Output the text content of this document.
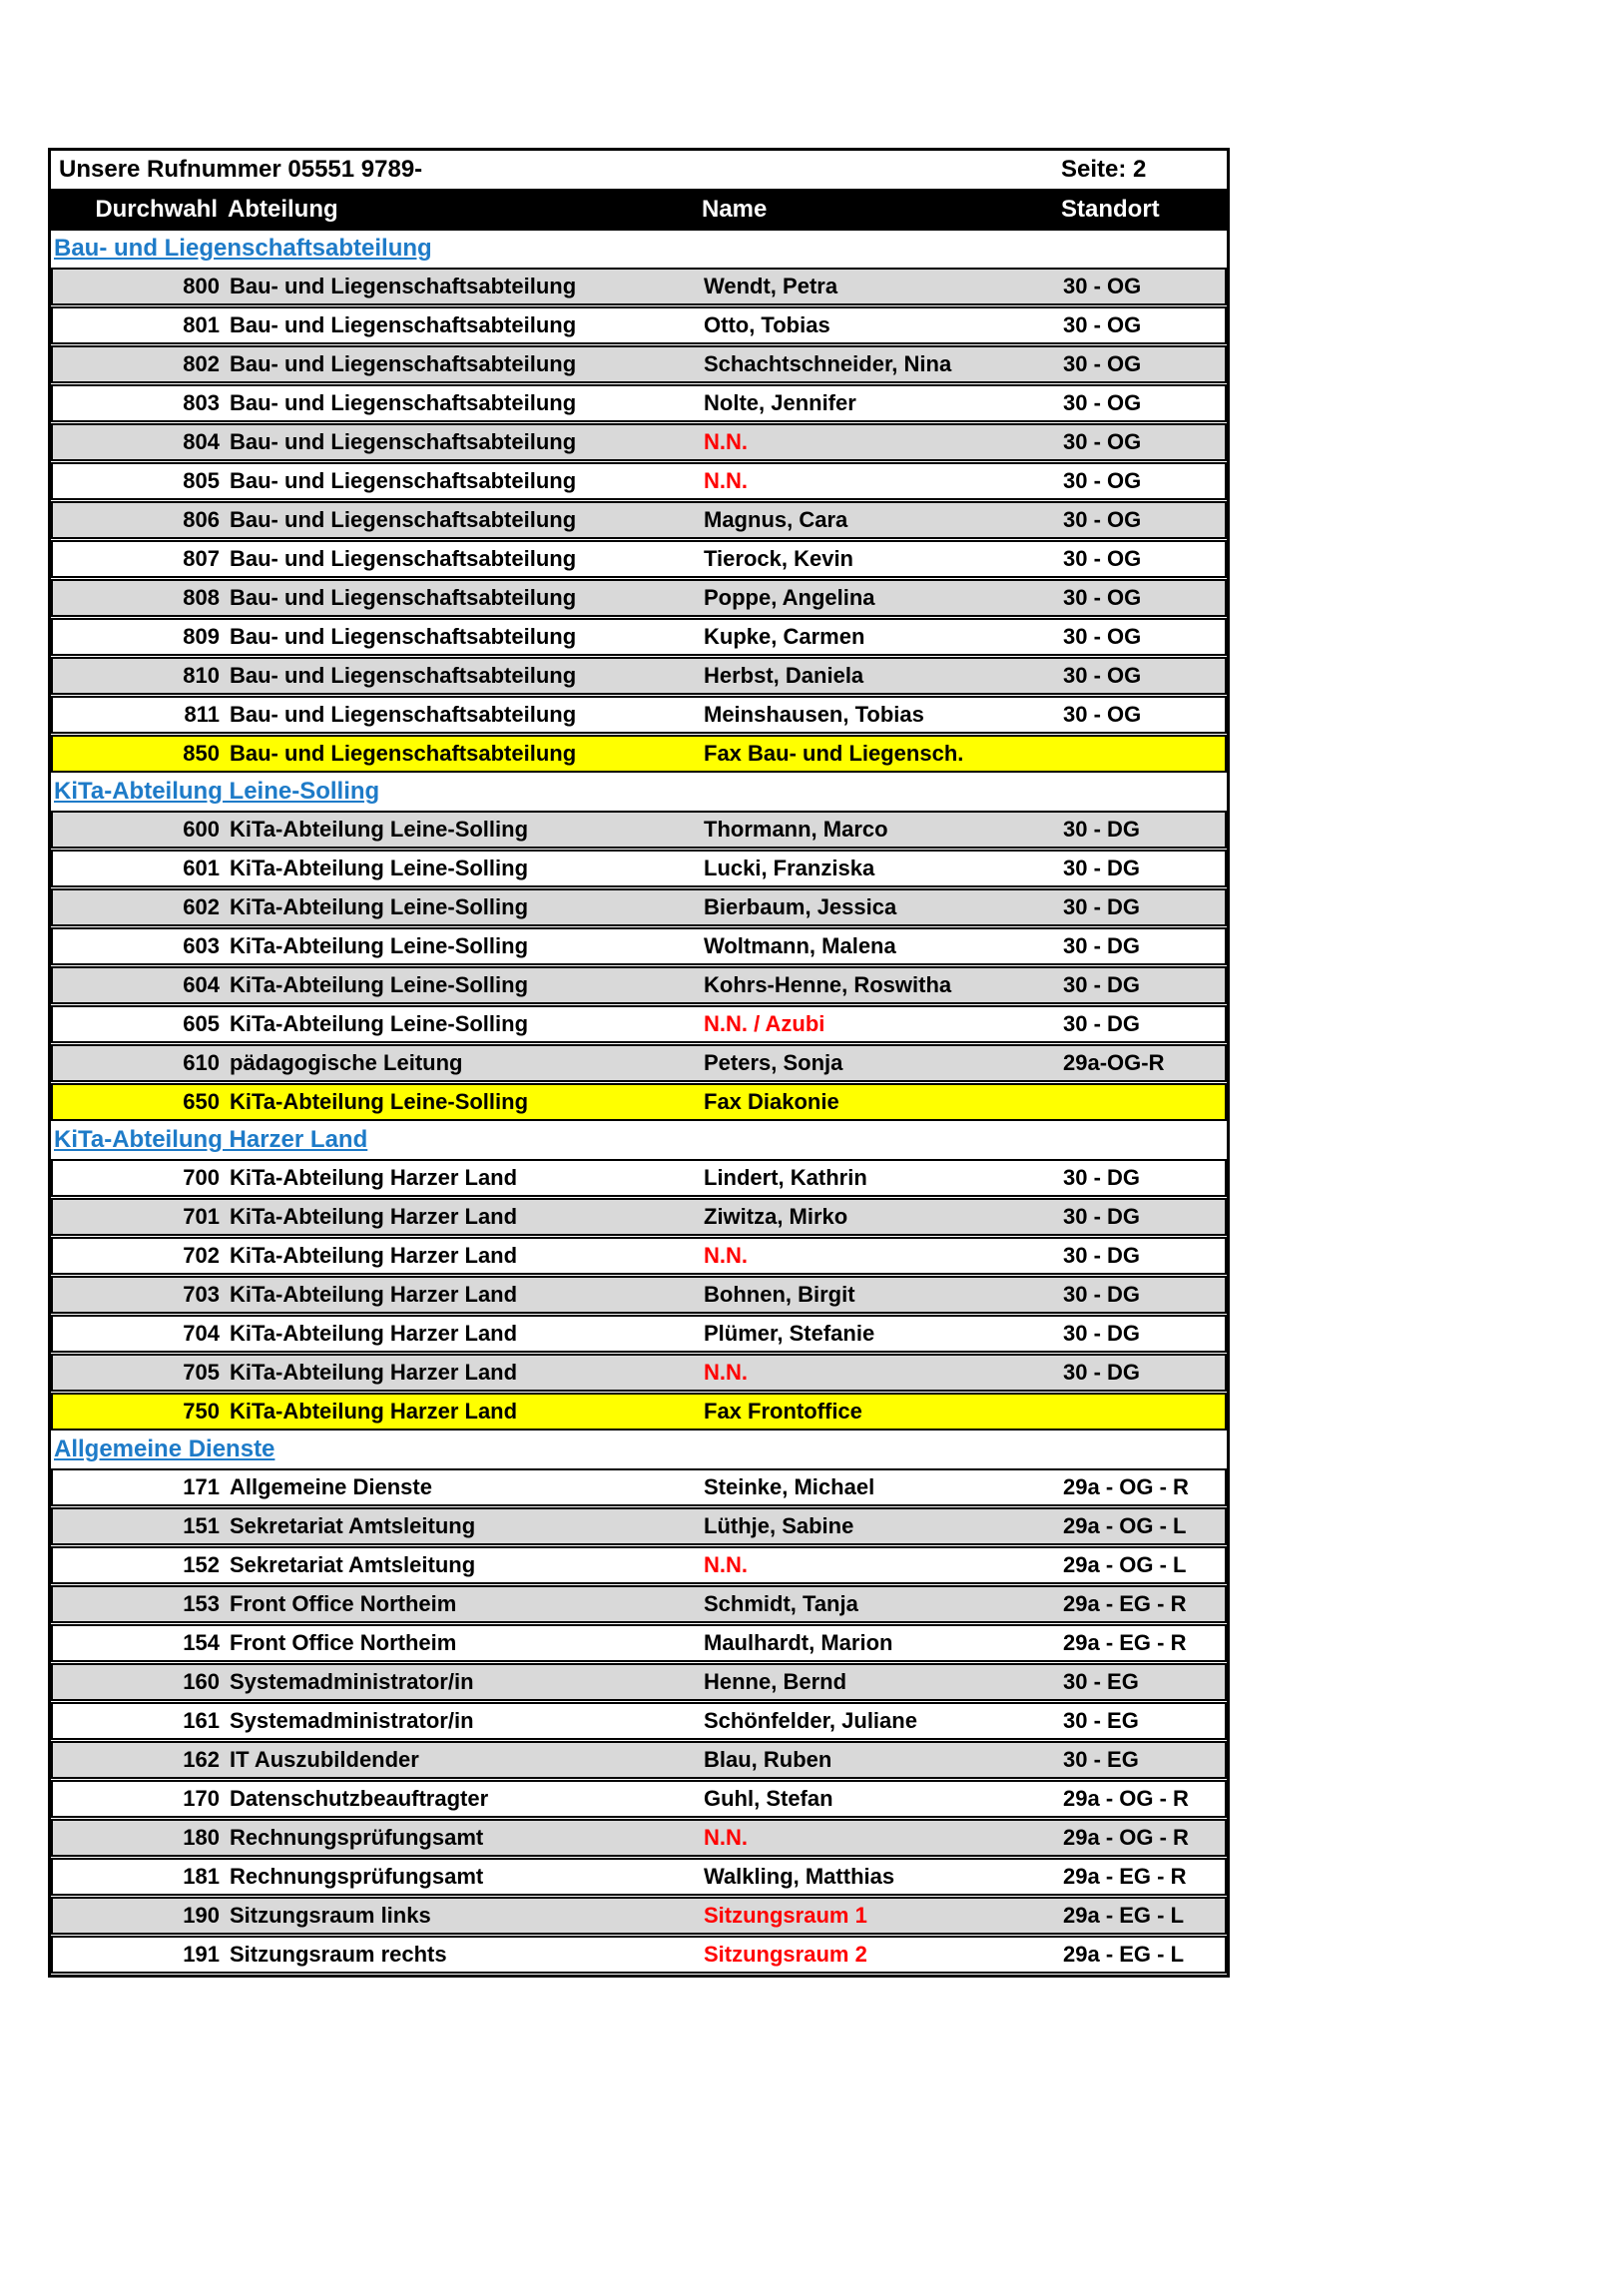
Unsere Rufnummer 05551 9789-	Seite: 2
Durchwahl Abteilung	Name	Standort
Bau- und Liegenschaftsabteilung
800 Bau- und Liegenschaftsabteilung	Wendt, Petra	30 - OG
801 Bau- und Liegenschaftsabteilung	Otto, Tobias	30 - OG
802 Bau- und Liegenschaftsabteilung	Schachtschneider, Nina	30 - OG
803 Bau- und Liegenschaftsabteilung	Nolte, Jennifer	30 - OG
804 Bau- und Liegenschaftsabteilung	N.N.	30 - OG
805 Bau- und Liegenschaftsabteilung	N.N.	30 - OG
806 Bau- und Liegenschaftsabteilung	Magnus, Cara	30 - OG
807 Bau- und Liegenschaftsabteilung	Tierock, Kevin	30 - OG
808 Bau- und Liegenschaftsabteilung	Poppe, Angelina	30 - OG
809 Bau- und Liegenschaftsabteilung	Kupke, Carmen	30 - OG
810 Bau- und Liegenschaftsabteilung	Herbst, Daniela	30 - OG
811 Bau- und Liegenschaftsabteilung	Meinshausen, Tobias	30 - OG
850 Bau- und Liegenschaftsabteilung	Fax Bau- und Liegensch.
KiTa-Abteilung Leine-Solling
600 KiTa-Abteilung Leine-Solling	Thormann, Marco	30 - DG
601 KiTa-Abteilung Leine-Solling	Lucki, Franziska	30 - DG
602 KiTa-Abteilung Leine-Solling	Bierbaum, Jessica	30 - DG
603 KiTa-Abteilung Leine-Solling	Woltmann, Malena	30 - DG
604 KiTa-Abteilung Leine-Solling	Kohrs-Henne, Roswitha	30 - DG
605 KiTa-Abteilung Leine-Solling	N.N. / Azubi	30 - DG
610 pädagogische Leitung	Peters, Sonja	29a-OG-R
650 KiTa-Abteilung Leine-Solling	Fax Diakonie
KiTa-Abteilung Harzer Land
700 KiTa-Abteilung Harzer Land	Lindert, Kathrin	30 - DG
701 KiTa-Abteilung Harzer Land	Ziwitza, Mirko	30 - DG
702 KiTa-Abteilung Harzer Land	N.N.	30 - DG
703 KiTa-Abteilung Harzer Land	Bohnen, Birgit	30 - DG
704 KiTa-Abteilung Harzer Land	Plümer, Stefanie	30 - DG
705 KiTa-Abteilung Harzer Land	N.N.	30 - DG
750 KiTa-Abteilung Harzer Land	Fax Frontoffice
Allgemeine Dienste
171 Allgemeine Dienste	Steinke, Michael	29a - OG - R
151 Sekretariat Amtsleitung	Lüthje, Sabine	29a - OG - L
152 Sekretariat Amtsleitung	N.N.	29a - OG - L
153 Front Office Northeim	Schmidt, Tanja	29a - EG - R
154 Front Office Northeim	Maulhardt, Marion	29a - EG - R
160 Systemadministrator/in	Henne, Bernd	30 - EG
161 Systemadministrator/in	Schönfelder, Juliane	30 - EG
162 IT Auszubildender	Blau, Ruben	30 - EG
170 Datenschutzbeauftragter	Guhl, Stefan	29a - OG - R
180 Rechnungsprüfungsamt	N.N.	29a - OG - R
181 Rechnungsprüfungsamt	Walkling, Matthias	29a - EG - R
190 Sitzungsraum links	Sitzungsraum 1	29a - EG - L
191 Sitzungsraum rechts	Sitzungsraum 2	29a - EG - L
